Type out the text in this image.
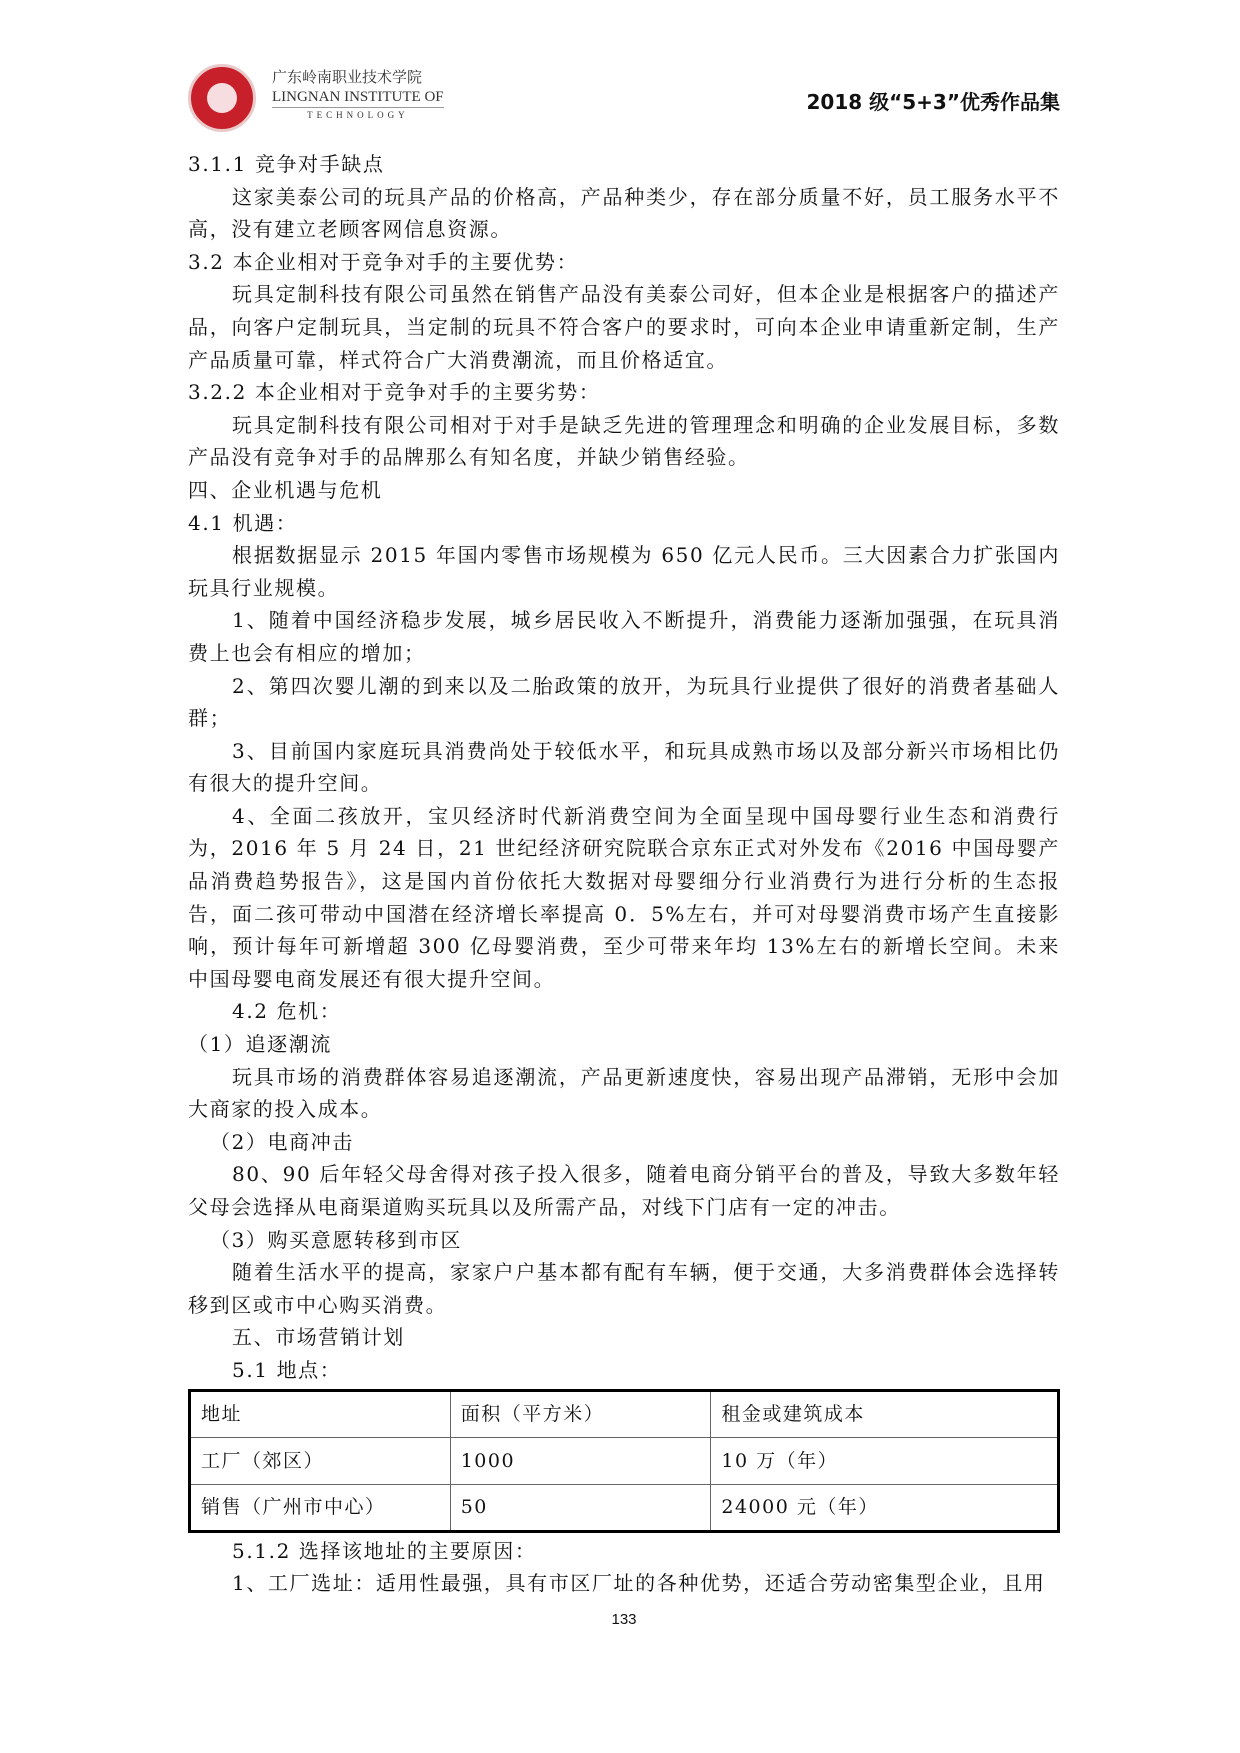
广东岭南职业技术学院
LINGNAN INSTITUTE OF
TECHNOLOGY
2018 级“5+3”优秀作品集

3.1.1 竞争对手缺点

这家美泰公司的玩具产品的价格高，产品种类少，存在部分质量不好，员工服务水平不高，没有建立老顾客网信息资源。

3.2 本企业相对于竞争对手的主要优势：

玩具定制科技有限公司虽然在销售产品没有美泰公司好，但本企业是根据客户的描述产品，向客户定制玩具，当定制的玩具不符合客户的要求时，可向本企业申请重新定制，生产产品质量可靠，样式符合广大消费潮流，而且价格适宜。

3.2.2 本企业相对于竞争对手的主要劣势：

玩具定制科技有限公司相对于对手是缺乏先进的管理理念和明确的企业发展目标，多数产品没有竞争对手的品牌那么有知名度，并缺少销售经验。

四、企业机遇与危机

4.1 机遇：

根据数据显示 2015 年国内零售市场规模为 650 亿元人民币。三大因素合力扩张国内玩具行业规模。

1、随着中国经济稳步发展，城乡居民收入不断提升，消费能力逐渐加强强，在玩具消费上也会有相应的增加；

2、第四次婴儿潮的到来以及二胎政策的放开，为玩具行业提供了很好的消费者基础人群；

3、目前国内家庭玩具消费尚处于较低水平，和玩具成熟市场以及部分新兴市场相比仍有很大的提升空间。

4、全面二孩放开，宝贝经济时代新消费空间为全面呈现中国母婴行业生态和消费行为，2016 年 5 月 24 日，21 世纪经济研究院联合京东正式对外发布《2016 中国母婴产品消费趋势报告》，这是国内首份依托大数据对母婴细分行业消费行为进行分析的生态报告，面二孩可带动中国潜在经济增长率提高 0．5%左右，并可对母婴消费市场产生直接影响，预计每年可新增超 300 亿母婴消费，至少可带来年均 13%左右的新增长空间。未来中国母婴电商发展还有很大提升空间。

4.2 危机：

（1）追逐潮流

玩具市场的消费群体容易追逐潮流，产品更新速度快，容易出现产品滞销，无形中会加大商家的投入成本。

（2）电商冲击

80、90 后年轻父母舍得对孩子投入很多，随着电商分销平台的普及，导致大多数年轻父母会选择从电商渠道购买玩具以及所需产品，对线下门店有一定的冲击。

（3）购买意愿转移到市区

随着生活水平的提高，家家户户基本都有配有车辆，便于交通，大多消费群体会选择转移到区或市中心购买消费。

五、市场营销计划

5.1 地点：

地址	面积（平方米）	租金或建筑成本
工厂（郊区）	1000	10 万（年）
销售（广州市中心）	50	24000 元（年）

5.1.2 选择该地址的主要原因：

1、工厂选址：适用性最强，具有市区厂址的各种优势，还适合劳动密集型企业，且用

133
